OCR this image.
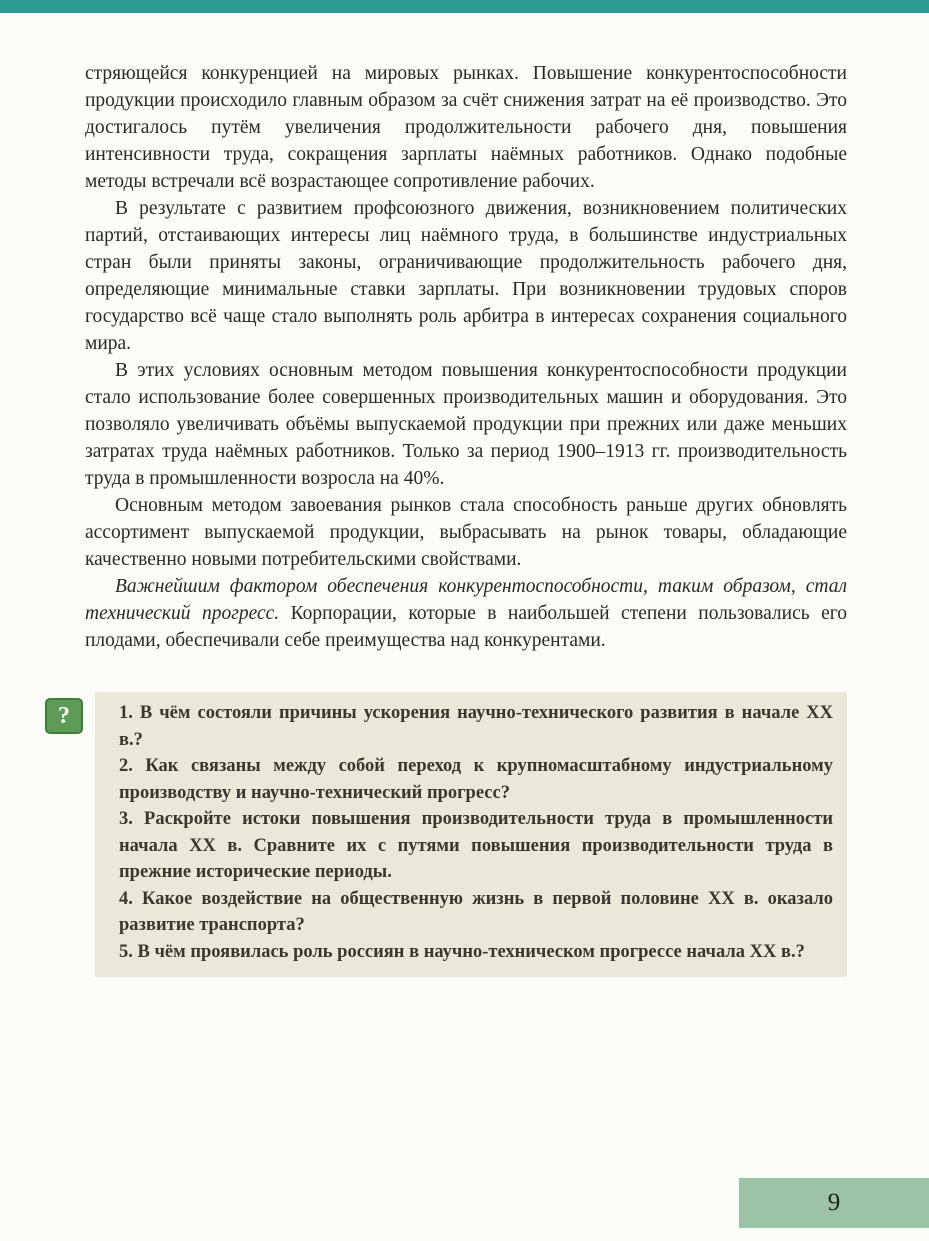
стряющейся конкуренцией на мировых рынках. Повышение конкурентоспособности продукции происходило главным образом за счёт снижения затрат на её производство. Это достигалось путём увеличения продолжительности рабочего дня, повышения интенсивности труда, сокращения зарплаты наёмных работников. Однако подобные методы встречали всё возрастающее сопротивление рабочих.

В результате с развитием профсоюзного движения, возникновением политических партий, отстаивающих интересы лиц наёмного труда, в большинстве индустриальных стран были приняты законы, ограничивающие продолжительность рабочего дня, определяющие минимальные ставки зарплаты. При возникновении трудовых споров государство всё чаще стало выполнять роль арбитра в интересах сохранения социального мира.

В этих условиях основным методом повышения конкурентоспособности продукции стало использование более совершенных производительных машин и оборудования. Это позволяло увеличивать объёмы выпускаемой продукции при прежних или даже меньших затратах труда наёмных работников. Только за период 1900–1913 гг. производительность труда в промышленности возросла на 40%.

Основным методом завоевания рынков стала способность раньше других обновлять ассортимент выпускаемой продукции, выбрасывать на рынок товары, обладающие качественно новыми потребительскими свойствами.

Важнейшим фактором обеспечения конкурентоспособности, таким образом, стал технический прогресс. Корпорации, которые в наибольшей степени пользовались его плодами, обеспечивали себе преимущества над конкурентами.

?	1. В чём состояли причины ускорения научно-технического развития в начале XX в.?

2. Как связаны между собой переход к крупномасштабному индустриальному производству и научно-технический прогресс?

3. Раскройте истоки повышения производительности труда в промышленности начала XX в. Сравните их с путями повышения производительности труда в прежние исторические периоды.

4. Какое воздействие на общественную жизнь в первой половине XX в. оказало развитие транспорта?

5. В чём проявилась роль россиян в научно-техническом прогрессе начала XX в.?

9
